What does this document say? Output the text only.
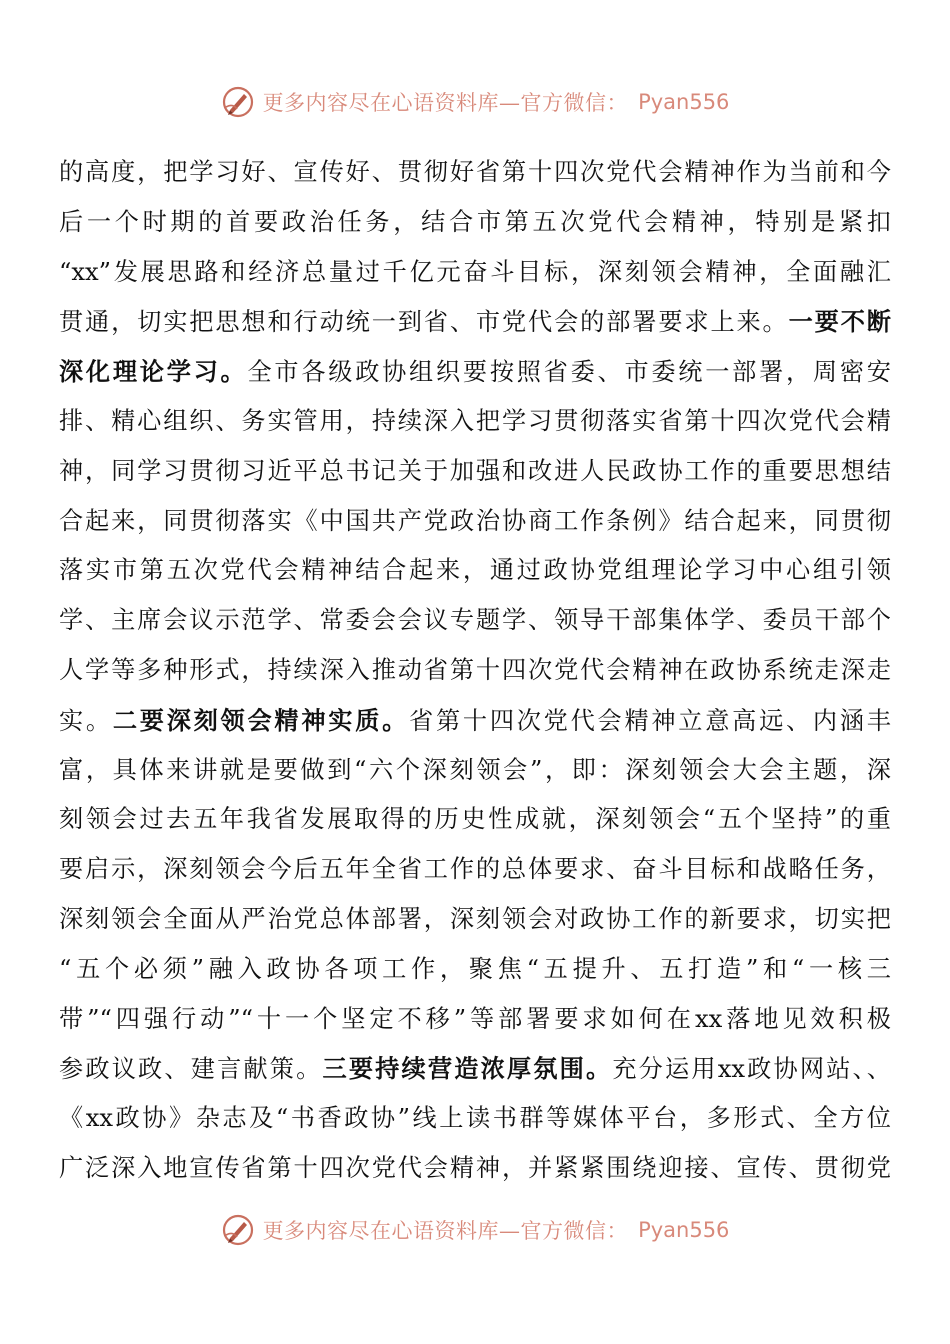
更多内容尽在心语资料库—官方微信： Pyan556
的高度，把学习好、宣传好、贯彻好省第十四次党代会精神作为当前和今
后一个时期的首要政治任务，结合市第五次党代会精神，特别是紧扣
“xx”发展思路和经济总量过千亿元奋斗目标，深刻领会精神，全面融汇
贯通，切实把思想和行动统一到省、市党代会的部署要求上来。一要不断
深化理论学习。全市各级政协组织要按照省委、市委统一部署，周密安
排、精心组织、务实管用，持续深入把学习贯彻落实省第十四次党代会精
神，同学习贯彻习近平总书记关于加强和改进人民政协工作的重要思想结
合起来，同贯彻落实《中国共产党政治协商工作条例》结合起来，同贯彻
落实市第五次党代会精神结合起来，通过政协党组理论学习中心组引领
学、主席会议示范学、常委会会议专题学、领导干部集体学、委员干部个
人学等多种形式，持续深入推动省第十四次党代会精神在政协系统走深走
实。二要深刻领会精神实质。省第十四次党代会精神立意高远、内涵丰
富，具体来讲就是要做到“六个深刻领会”，即：深刻领会大会主题，深
刻领会过去五年我省发展取得的历史性成就，深刻领会“五个坚持”的重
要启示，深刻领会今后五年全省工作的总体要求、奋斗目标和战略任务，
深刻领会全面从严治党总体部署，深刻领会对政协工作的新要求，切实把
“五个必须”融入政协各项工作，聚焦“五提升、五打造”和“一核三
带”“四强行动”“十一个坚定不移”等部署要求如何在xx落地见效积极
参政议政、建言献策。三要持续营造浓厚氛围。充分运用xx政协网站、、
《xx政协》杂志及“书香政协”线上读书群等媒体平台，多形式、全方位
广泛深入地宣传省第十四次党代会精神，并紧紧围绕迎接、宣传、贯彻党
更多内容尽在心语资料库—官方微信： Pyan556
